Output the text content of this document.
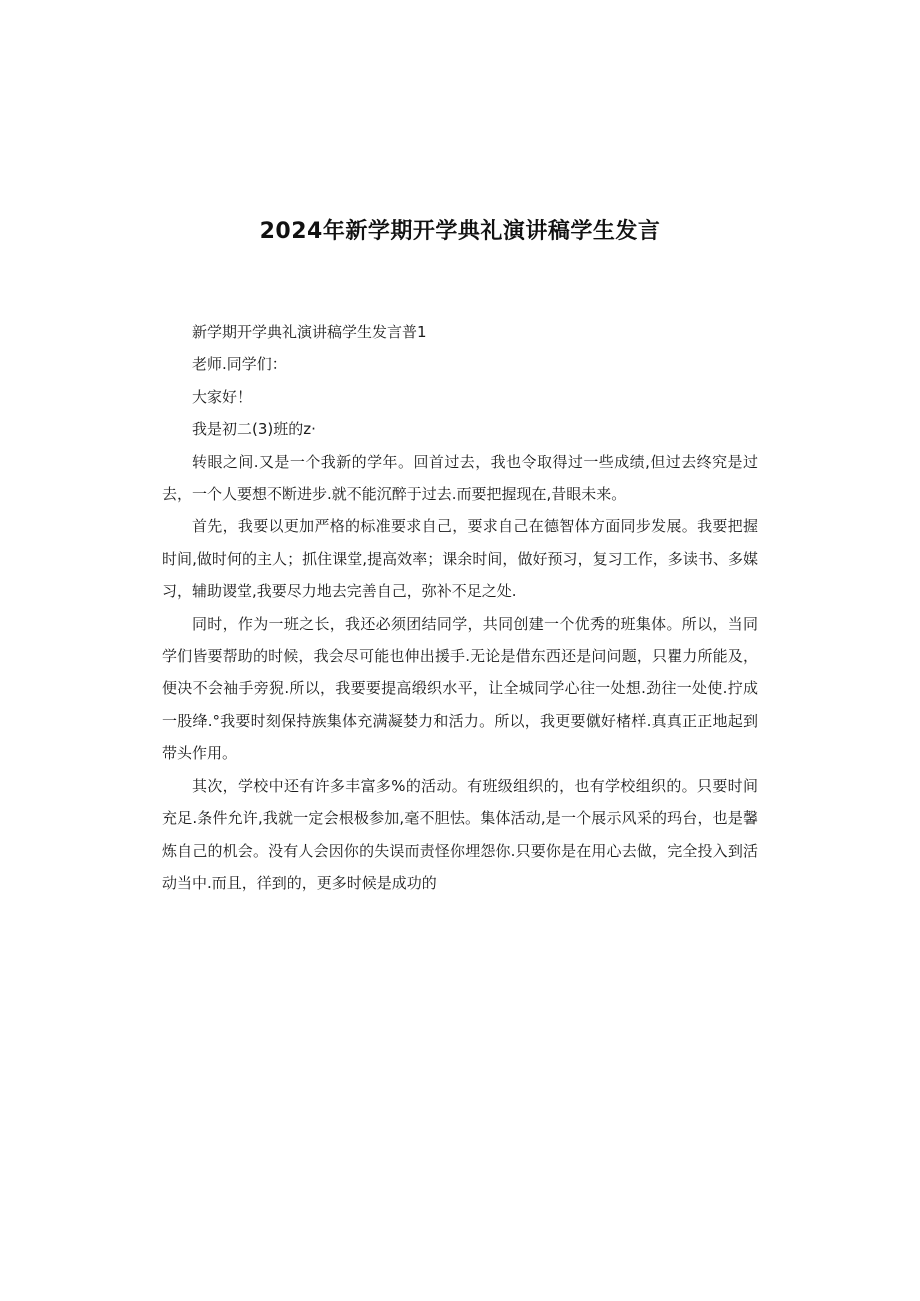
2024年新学期开学典礼演讲稿学生发言

新学期开学典礼演讲稿学生发言普1

老师.同学们：

大家好！

我是初二(3)班的z·

转眼之间.又是一个我新的学年。回首过去，我也令取得过一些成绩,但过去终究是过去，一个人要想不断进步.就不能沉醉于过去.而要把握现在,昔眼未来。

首先，我要以更加严格的标准要求自己，要求自己在德智体方面同步发展。我要把握时间,做时何的主人；抓住课堂,提高效率；课余时间，做好预习，复习工作，多读书、多媒习，辅助谡堂,我要尽力地去完善自己，弥补不足之处.

同时，作为一班之长，我还必须团结同学，共同创建一个优秀的班集体。所以，当同学们皆要帮助的时候，我会尽可能也伸出援手.无论是借东西还是问问题，只瞿力所能及，便决不会袖手旁猊.所以，我要要提高缎织水平，让全城同学心往一处想.劲往一处使.拧成一股绛.°我要时刻保持族集体充满凝婪力和活力。所以，我更要僦好楮样.真真正正地起到带头作用。

其次，学校中还有许多丰富多%的活动。有班级组织的，也有学校组织的。只要时间充足.条件允许,我就一定会根极参加,毫不胆怯。集体活动,是一个展示风采的玛台，也是馨炼自己的机会。没有人会因你的失误而责怪你埋怨你.只要你是在用心去做，完全投入到活动当中.而且，徉到的，更多时候是成功的
